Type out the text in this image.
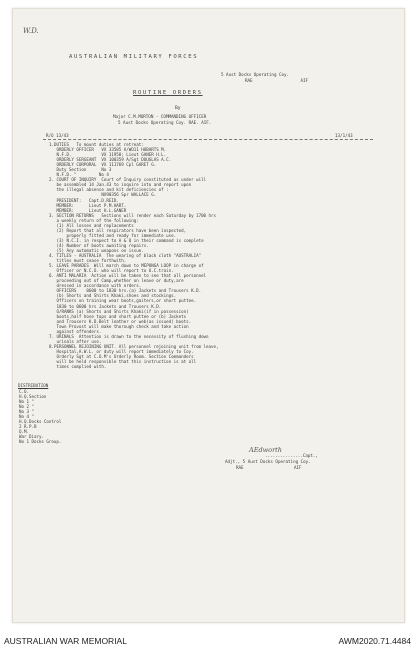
W.D.
AUSTRALIAN MILITARY FORCES
5 Aust Docks Operating Coy.
RAE                   AIF
ROUTINE ORDERS
By
Major C.M.MORTON - COMMANDING OFFICER
5 Aust Docks Operating Coy. RAE. AIF.
R/O 13/43	13/1/43
1.DUTIES   To mount duties at retreat:
ORDERLY OFFICER   VX 33585 A/WO11 HOBARTS M.
N.F.D.            VX 11958; Lieut GANER H.L.
ORDERLY SERGEANT  VX 100359 A/Sgt DOUGLAS A.C.
ORDERLY CORPORAL  VX 111769 Cpl GARET G.
Duty Section      No 3
N.F.D. "         No 4
2. COURT OF INQUIRY  Court of Inquiry constituted as under will
be assembled 14 Jan.43 to inquire into and report upon
the illegal absence and kit deficiencies of :
NX90356 Spr WALLACE G.
PRESIDENT:   Capt.D.REID.
MEMBER:      Lieut P.M.HART.
MEMBER:      Lieut H.L.GANER
3. SECTION RETURNS   Sections will render each Saturday by 1700 hrs
a weekly return of the following:
(1) All losses and replacements
(2) Report that all respirators have been inspected,
properly fitted and ready for immediate use.
(3) N.C.I. in respect to A & Q in their command is complete
(4) Number of boots awaiting repairs.
(5) Any automatic weapons on issue.
4. TITLES - AUSTRALIA  The wearing of black cloth "AUSTRALIA"
titles must cease forthwith.
5. LEAVE PARADES  Will march down to MEPONGA LOOP in charge of
Officer or N.C.O. who will report to O.C.train.
6. ANTI MALARIA  Action will be taken to see that all personnel
proceeding out of Camp,whether on leave or duty,are
dressed in accordance with orders.
OFFICERS    0600 to 1830 hrs.(a) Jackets and Trousers K.D.
(b) Shorts and Shirts Khaki,shoes and stockings.
Officers on training wear boots,gaiters,or short puttee.
1830 to 0600 hrs Jackets and Trousers K.D.
O/RANKS (a) Shorts and Shirts Khaki(if in possession)
boots,half hose tops and short puttee or (b) Jackets
and Trousers K.D.Belt leather or web(as issued) boots.
Town Provost will make thorough check and take action
against offenders.
7. URINALS  Attention is drawn to the necessity of flushing down
urinals after use.
8.PERSONNEL REJOINING UNIT. All personnel rejoining unit from leave,
Hospital,A.W.L. or duty will report immediately to Coy.
Orderly Sgt at C.O.M's Orderly Room. Section Commanders
will be held responsible that this instruction is at all
times complied with.
DISTRIBUTION
C.O.
H.Q.Section
No 1 "
No 2 "
No 3 "
No 4 "
H.Q.Docks Control
2 R.P.B
Q.M.
War Diary.
No 1 Docks Group.
AEdworth
...............Capt.,
Adjt., 5 Aust Docks Operating Coy.
RAE                    AIF
AUSTRALIAN WAR MEMORIAL	AWM2020.71.4484
